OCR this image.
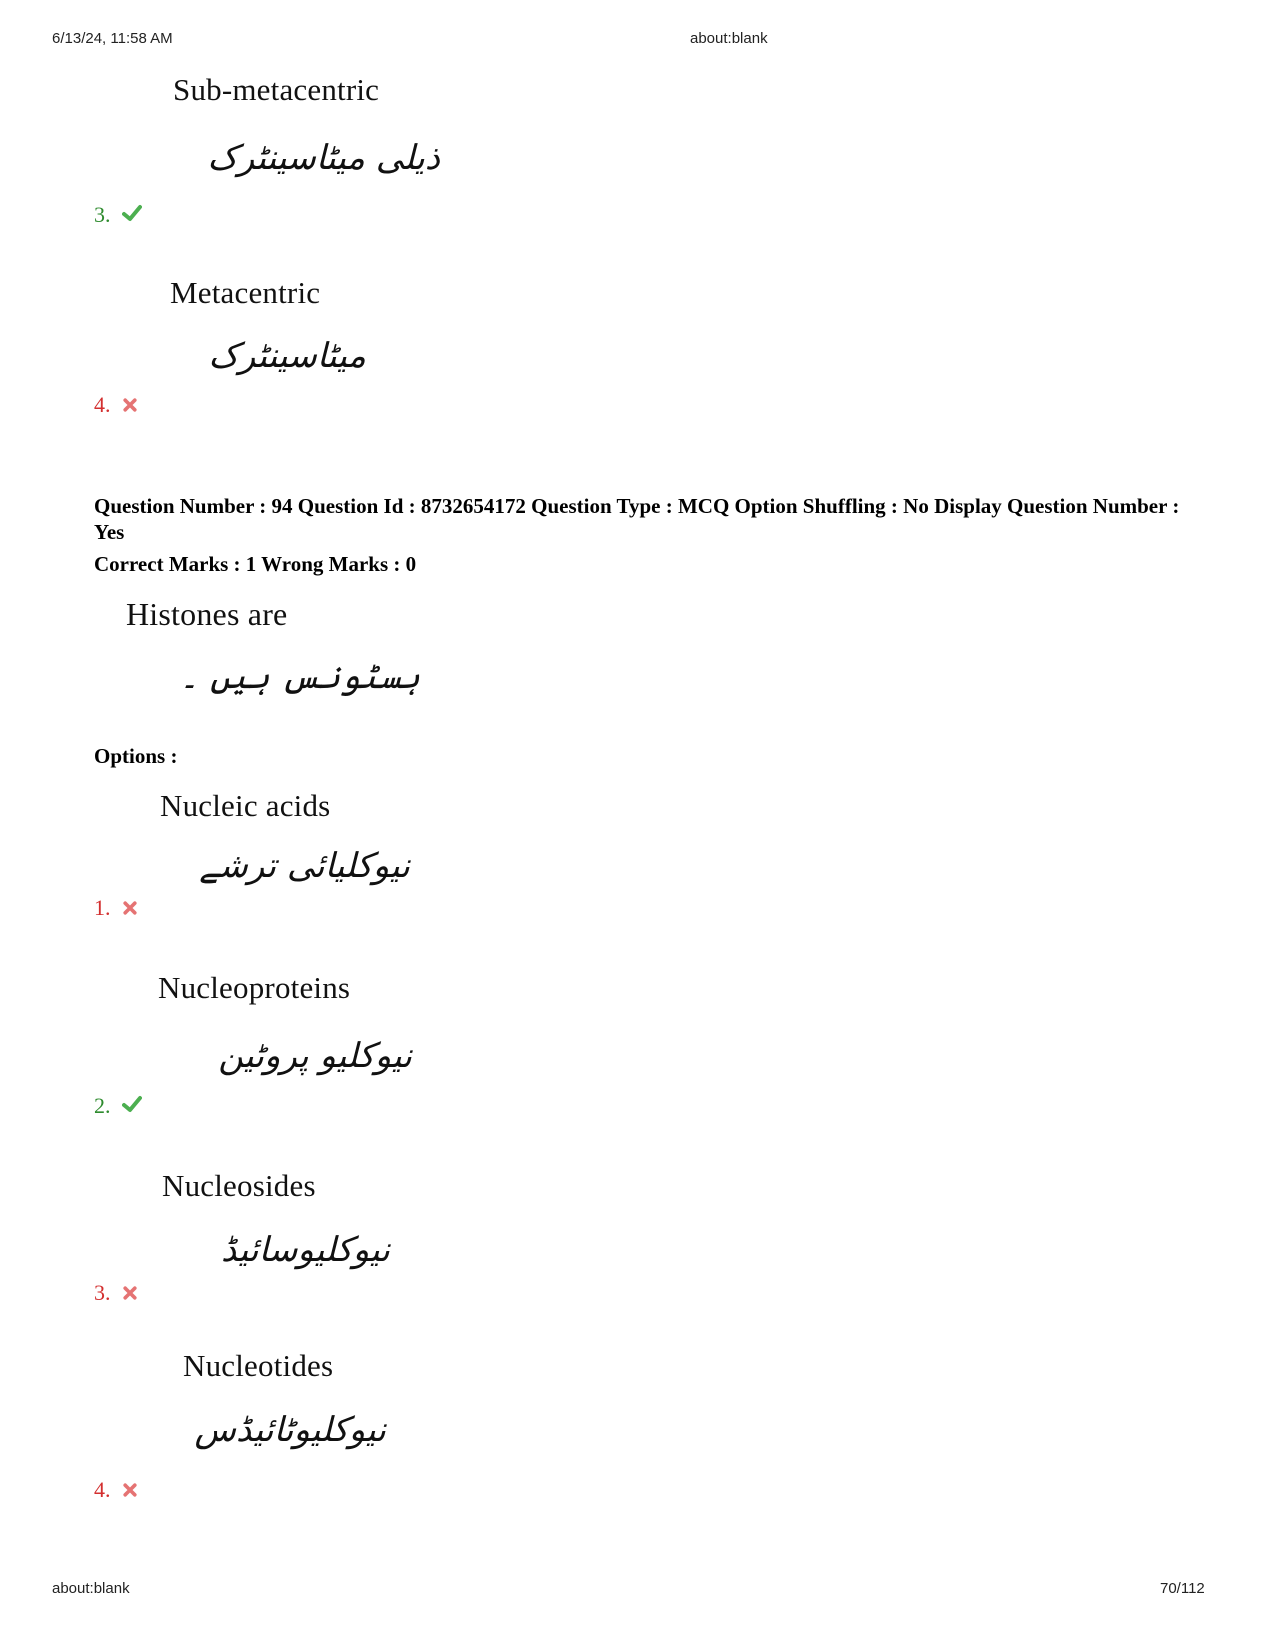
6/13/24, 11:58 AM	about:blank
Sub-metacentric
ذیلی میٹاسینٹرک
3.
Metacentric
میٹاسینٹرک
4.
Question Number : 94 Question Id : 8732654172 Question Type : MCQ Option Shuffling : No Display Question Number : Yes
Correct Marks : 1 Wrong Marks : 0
Histones are
ہسٹونس ہیں ۔
Options :
Nucleic acids
نیوکلیائی ترشے
1.
Nucleoproteins
نیوکلیو پروٹین
2.
Nucleosides
نیوکلیوسائیڈ
3.
Nucleotides
نیوکلیوٹائیڈس
4.
about:blank	70/112
